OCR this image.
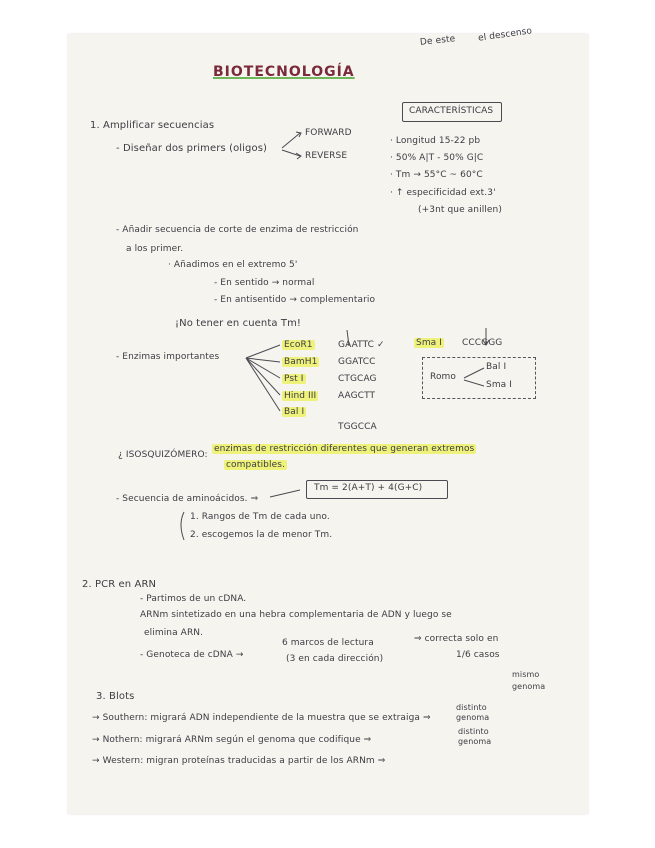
De este el descenso
BIOTECNOLOGÍA
1. Amplificar secuencias
- Diseñar dos primers (oligos)
FORWARD
REVERSE
CARACTERÍSTICAS
· Longitud 15-22 pb
· 50% A|T - 50% G|C
· Tm → 55°C ~ 60°C
· ↑ especificidad ext.3'
(+3nt que anillen)
- Añadir secuencia de corte de enzima de restricción
a los primer.
· Añadimos en el extremo 5'
- En sentido → normal
- En antisentido → complementario
¡No tener en cuenta Tm!
- Enzimas importantes
EcoR1	GAATTC ✓
BamH1 GGATCC
Pst I	CTGCAG
Hind III AAGCTT
Bal I
TGGCCA
Sma I CCCGGG
Romo
Bal I
Sma I
¿ ISOSQUIZÓMERO:
enzimas de restricción diferentes que generan extremos
compatibles.
- Secuencia de aminoácidos. ⇒
Tm = 2(A+T) + 4(G+C)
1. Rangos de Tm de cada uno.
2. escogemos la de menor Tm.
2. PCR en ARN
- Partimos de un cDNA.
ARNm sintetizado en una hebra complementaria de ADN y luego se
elimina ARN.
- Genoteca de cDNA →
6 marcos de lectura
(3 en cada dirección)
⇒ correcta solo en
1/6 casos
3. Blots
mismo
genoma
→ Southern: migrará ADN independiente de la muestra que se extraiga ⇒
distinto
genoma
→ Nothern: migrará ARNm según el genoma que codifique ⇒
distinto
genoma
→ Western: migran proteínas traducidas a partir de los ARNm ⇒
